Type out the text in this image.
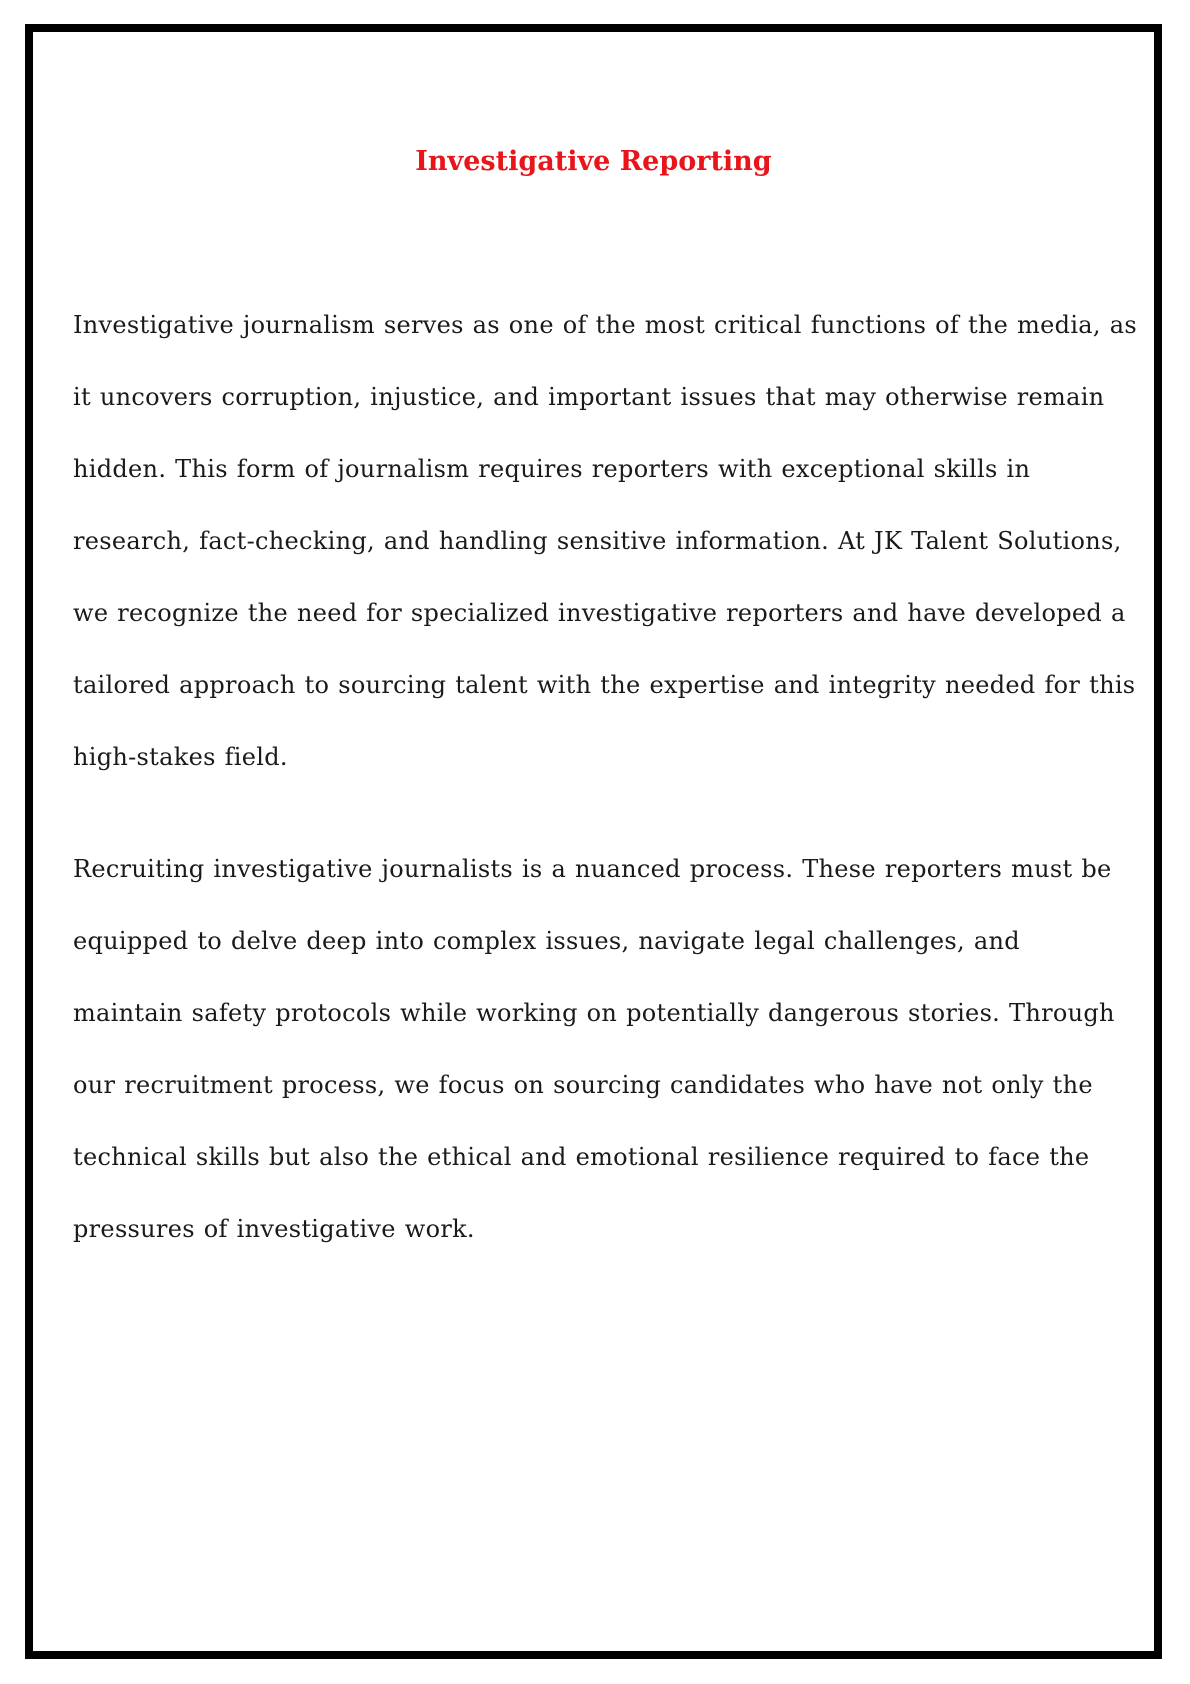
Investigative Reporting

Investigative journalism serves as one of the most critical functions of the media, as it uncovers corruption, injustice, and important issues that may otherwise remain hidden. This form of journalism requires reporters with exceptional skills in research, fact-checking, and handling sensitive information. At JK Talent Solutions, we recognize the need for specialized investigative reporters and have developed a tailored approach to sourcing talent with the expertise and integrity needed for this high-stakes field.

Recruiting investigative journalists is a nuanced process. These reporters must be equipped to delve deep into complex issues, navigate legal challenges, and maintain safety protocols while working on potentially dangerous stories. Through our recruitment process, we focus on sourcing candidates who have not only the technical skills but also the ethical and emotional resilience required to face the pressures of investigative work.
